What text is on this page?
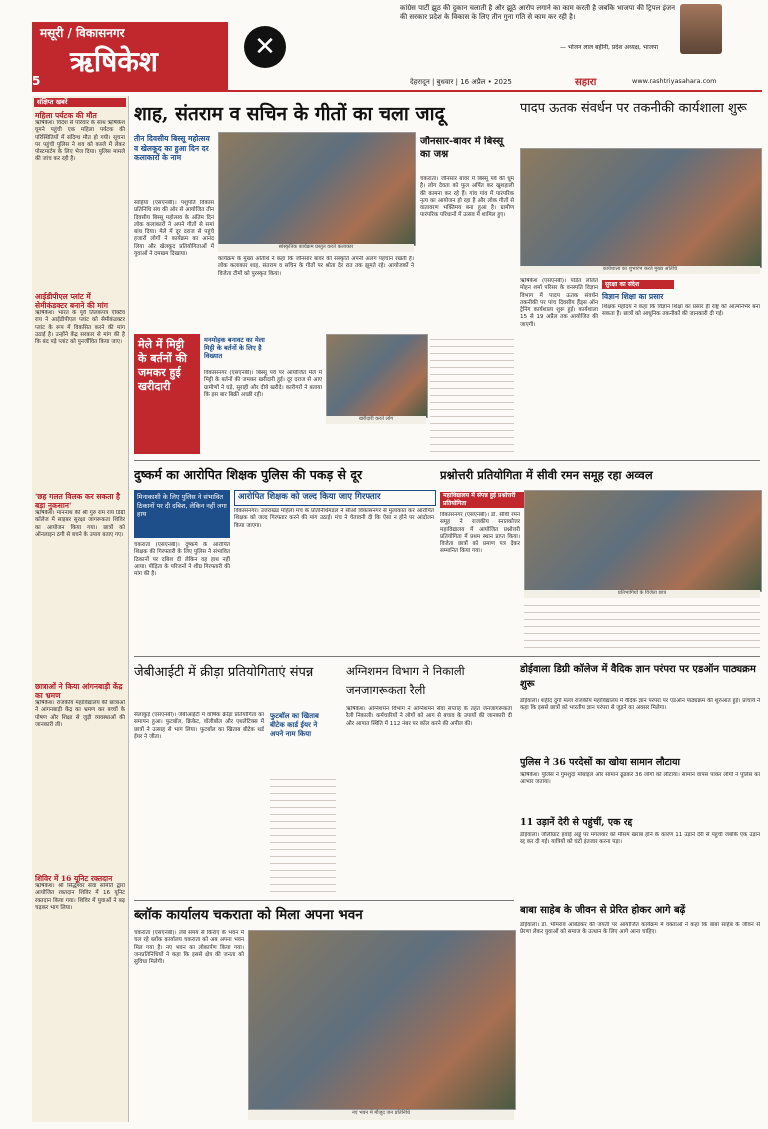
मसूरी / विकासनगर
ऋषिकेश	✕
कांग्रेस पार्टी झूठ की दुकान चलाती है और झूठे आरोप लगाने का काम करती है जबकि भाजपा की ट्रिपल इंजन की सरकार प्रदेश के विकास के लिए तीन गुना गति से काम कर रही है।
— भोजन लाल बहीनी, प्रदेश अध्यक्ष, भाजपा
5	देहरादून | बुधवार | 16 अप्रैल • 2025	सहारा	www.rashtriyasahara.com
संक्षिप्त खबरें
महिला पर्यटक की मौत
ऋषिकेश। विदेश से परिवार के साथ ऋषिकेश घूमने पहुंची एक महिला पर्यटक की परिस्थितियों में संदिग्ध मौत हो गयी। सूचना पर पहुंची पुलिस ने शव को कब्जे में लेकर पोस्टमार्टम के लिए भेज दिया। पुलिस मामले की जांच कर रही है।
आईडीपीएल प्लांट में सेमीकंडक्टर बनाने की मांग
ऋषिकेश। भारत के पूर्व तिलकपत्र ऐक्टिव राय ने आईडीपीएल प्लांट को सेमीकंडक्टर प्लांट के रूप में विकसित करने की मांग उठाई है। उन्होंने केंद्र सरकार से मांग की है कि बंद पड़े प्लांट को पुनर्जीवित किया जाए।
'छह गलत विलक कर सकता है बड़ा नुकसान'
ऋषिकेश। माननाथ की श्री गुरु राम राय डिग्री कॉलेज में साइबर सुरक्षा जागरूकता शिविर का आयोजन किया गया। छात्रों को ऑनलाइन ठगी से बचने के उपाय बताए गए।
छात्राओं ने किया आंगनबाड़ी केंद्र का भ्रमण
ऋषिकेश। राजकीय महाविद्यालय की छात्राओं ने आंगनबाड़ी केंद्र का भ्रमण कर बच्चों के पोषण और शिक्षा से जुड़ी व्यवस्थाओं की जानकारी ली।
शिविर में 16 यूनिट रक्तदान
ऋषिकेश। श्री सिद्धेश्वर सेवा समिति द्वारा आयोजित रक्तदान शिविर में 16 यूनिट रक्तदान किया गया। शिविर में युवाओं ने बढ़ चढ़कर भाग लिया।
शाह, संतराम व सचिन के गीतों का चला जादू
तीन दिवसीय बिस्सू महोत्सव व खेलकूद का हुआ दिन दर कलाकारों के नाम
सांस्कृतिक कार्यक्रम प्रस्तुत करते कलाकार
साहिया (एसएनबी)। पशुपति विकास प्रतिनिधि संघ की ओर से आयोजित तीन दिवसीय बिस्सू महोत्सव के अंतिम दिन लोक कलाकारों ने अपने गीतों से समां बांध दिया। मेले में दूर दराज से पहुंचे हजारों लोगों ने कार्यक्रम का आनंद लिया और खेलकूद प्रतियोगिताओं में युवाओं ने दमखम दिखाया।
कार्यक्रम के मुख्य अतिथि ने कहा कि जौनसार बावर की संस्कृति अपनी अलग पहचान रखती है। लोक कलाकार शाह, संतराम व सचिन के गीतों पर श्रोता देर रात तक झूमते रहे। आयोजकों ने विजेता टीमों को पुरस्कृत किया।
जौनसार-बावर में बिस्सू का जश्न
चकराता। जौनसार बावर में बिस्सू पर्व की धूम है। लोग देवता को फूल अर्पित कर खुशहाली की कामना कर रहे हैं। गांव गांव में पारंपरिक नृत्य का आयोजन हो रहा है और लोक गीतों से वातावरण भक्तिमय बना हुआ है। ग्रामीण पारंपरिक परिधानों में उत्सव में शामिल हुए।
मेले में मिट्टी के बर्तनों की जमकर हुई खरीदारी
मनमोहक बनावट का मेला मिट्टी के बर्तनों के लिए है विख्यात
खरीदारी करते लोग
विकासनगर (एसएनबी)। बिस्सू पर्व पर आयोजित मेले में मिट्टी के बर्तनों की जमकर खरीदारी हुई। दूर दराज से आए ग्रामीणों ने घड़े, सुराही और दीये खरीदे। कारीगरों ने बताया कि इस बार बिक्री अच्छी रही।
पादप ऊतक संवर्धन पर तकनीकी कार्यशाला शुरू
कार्यशाला का शुभारंभ करते मुख्य अतिथि
ऋषिकेश (एसएनबी)। पंडित ललित मोहन शर्मा परिसर के वनस्पति विज्ञान विभाग में पादप ऊतक संवर्धन तकनीकी पर पांच दिवसीय हैंड्स ऑन ट्रेनिंग कार्यशाला शुरू हुई। कार्यशाला 15 से 19 अप्रैल तक आयोजित की जाएगी।
सुरक्षा का संदेश
विज्ञान शिक्षा का प्रसार
शिक्षक महोदय ने कहा कि विज्ञान शिक्षा का प्रसार ही राष्ट्र को आत्मनिर्भर बना सकता है। छात्रों को आधुनिक तकनीकों की जानकारी दी गई।
दुष्कर्म का आरोपित शिक्षक पुलिस की पकड़ से दूर
मिनाकाशी के लिए पुलिस ने संभावित ठिकानों पर दी दबिश, लेकिन नहीं लगा हाथ
आरोपित शिक्षक को जल्द किया जाए गिरफ्तार
चकराता (एसएनबी)। दुष्कर्म के आरोपित शिक्षक की गिरफ्तारी के लिए पुलिस ने संभावित ठिकानों पर दबिश दी लेकिन वह हाथ नहीं आया। पीड़िता के परिजनों ने शीघ्र गिरफ्तारी की मांग की है।
विकासनगर। उत्तराखंड महिला मंच के प्रतिनिधिमंडल ने सीओ विकासनगर से मुलाकात कर आरोपित शिक्षक को जल्द गिरफ्तार करने की मांग उठाई। मंच ने चेतावनी दी कि ऐसा न होने पर आंदोलन किया जाएगा।
प्रश्नोत्तरी प्रतियोगिता में सीवी रमन समूह रहा अव्वल
महाविद्यालय में संपन्न हुई प्रश्नोत्तरी प्रतियोगिता
प्रतिभागियों के विजेता छात्र
विकासनगर (एसएनबी)। डॉ. सीवी रमन समूह ने राजकीय स्नातकोत्तर महाविद्यालय में आयोजित प्रश्नोत्तरी प्रतियोगिता में प्रथम स्थान प्राप्त किया। विजेता छात्रों को प्रमाण पत्र देकर सम्मानित किया गया।
जेबीआईटी में क्रीड़ा प्रतियोगिताएं संपन्न
सेलाकुई (एसएनबी)। जेबीआईटी में वार्षिक क्रीड़ा प्रतियोगिता का समापन हुआ। फुटबॉल, क्रिकेट, वॉलीबॉल और एथलेटिक्स में छात्रों ने उत्साह से भाग लिया। फुटबॉल का खिताब बीटेक थर्ड ईयर ने जीता।
फुटबॉल का खिताब बीटेक कार्ड ईयर ने अपने नाम किया
अग्निशमन विभाग ने निकाली जनजागरूकता रैली
ऋषिकेश। अग्निशमन विभाग ने अग्निशमन सेवा सप्ताह के तहत जनजागरूकता रैली निकाली। कर्मचारियों ने लोगों को आग से बचाव के उपायों की जानकारी दी और आपात स्थिति में 112 नंबर पर कॉल करने की अपील की।
डोईवाला डिग्री कॉलेज में वैदिक ज्ञान परंपरा पर एडऑन पाठ्यक्रम शुरू
डोईवाला। शहीद दुर्गा मल्ल राजकीय महाविद्यालय में वैदिक ज्ञान परंपरा पर एडऑन पाठ्यक्रम की शुरुआत हुई। प्राचार्य ने कहा कि इससे छात्रों को भारतीय ज्ञान परंपरा से जुड़ने का अवसर मिलेगा।
पुलिस ने 36 परदेसों का खोया सामान लौटाया
ऋषिकेश। पुलिस ने गुमशुदा मोबाइल और सामान ढूंढकर 36 लोगों को लौटाया। सामान वापस पाकर लोगों ने पुलिस का आभार जताया।
11 उड़ानें देरी से पहुंचीं, एक रद्द
डोईवाला। जौलीग्रांट हवाई अड्डे पर मंगलवार को मौसम खराब होने के कारण 11 उड़ानें देरी से पहुंचीं जबकि एक उड़ान रद्द कर दी गई। यात्रियों को घंटों इंतजार करना पड़ा।
बाबा साहेब के जीवन से प्रेरित होकर आगे बढ़ें
डोईवाला। डॉ. भीमराव आंबेडकर की जयंती पर आयोजित कार्यक्रम में वक्ताओं ने कहा कि बाबा साहेब के जीवन से प्रेरणा लेकर युवाओं को समाज के उत्थान के लिए आगे आना चाहिए।
ब्लॉक कार्यालय चकराता को मिला अपना भवन
चकराता (एसएनबी)। लंबे समय से किराए के भवन में चल रहे ब्लॉक कार्यालय चकराता को अब अपना भवन मिल गया है। नए भवन का लोकार्पण किया गया। जनप्रतिनिधियों ने कहा कि इससे क्षेत्र की जनता को सुविधा मिलेगी।
नए भवन में मौजूद जन प्रतिनिधि
